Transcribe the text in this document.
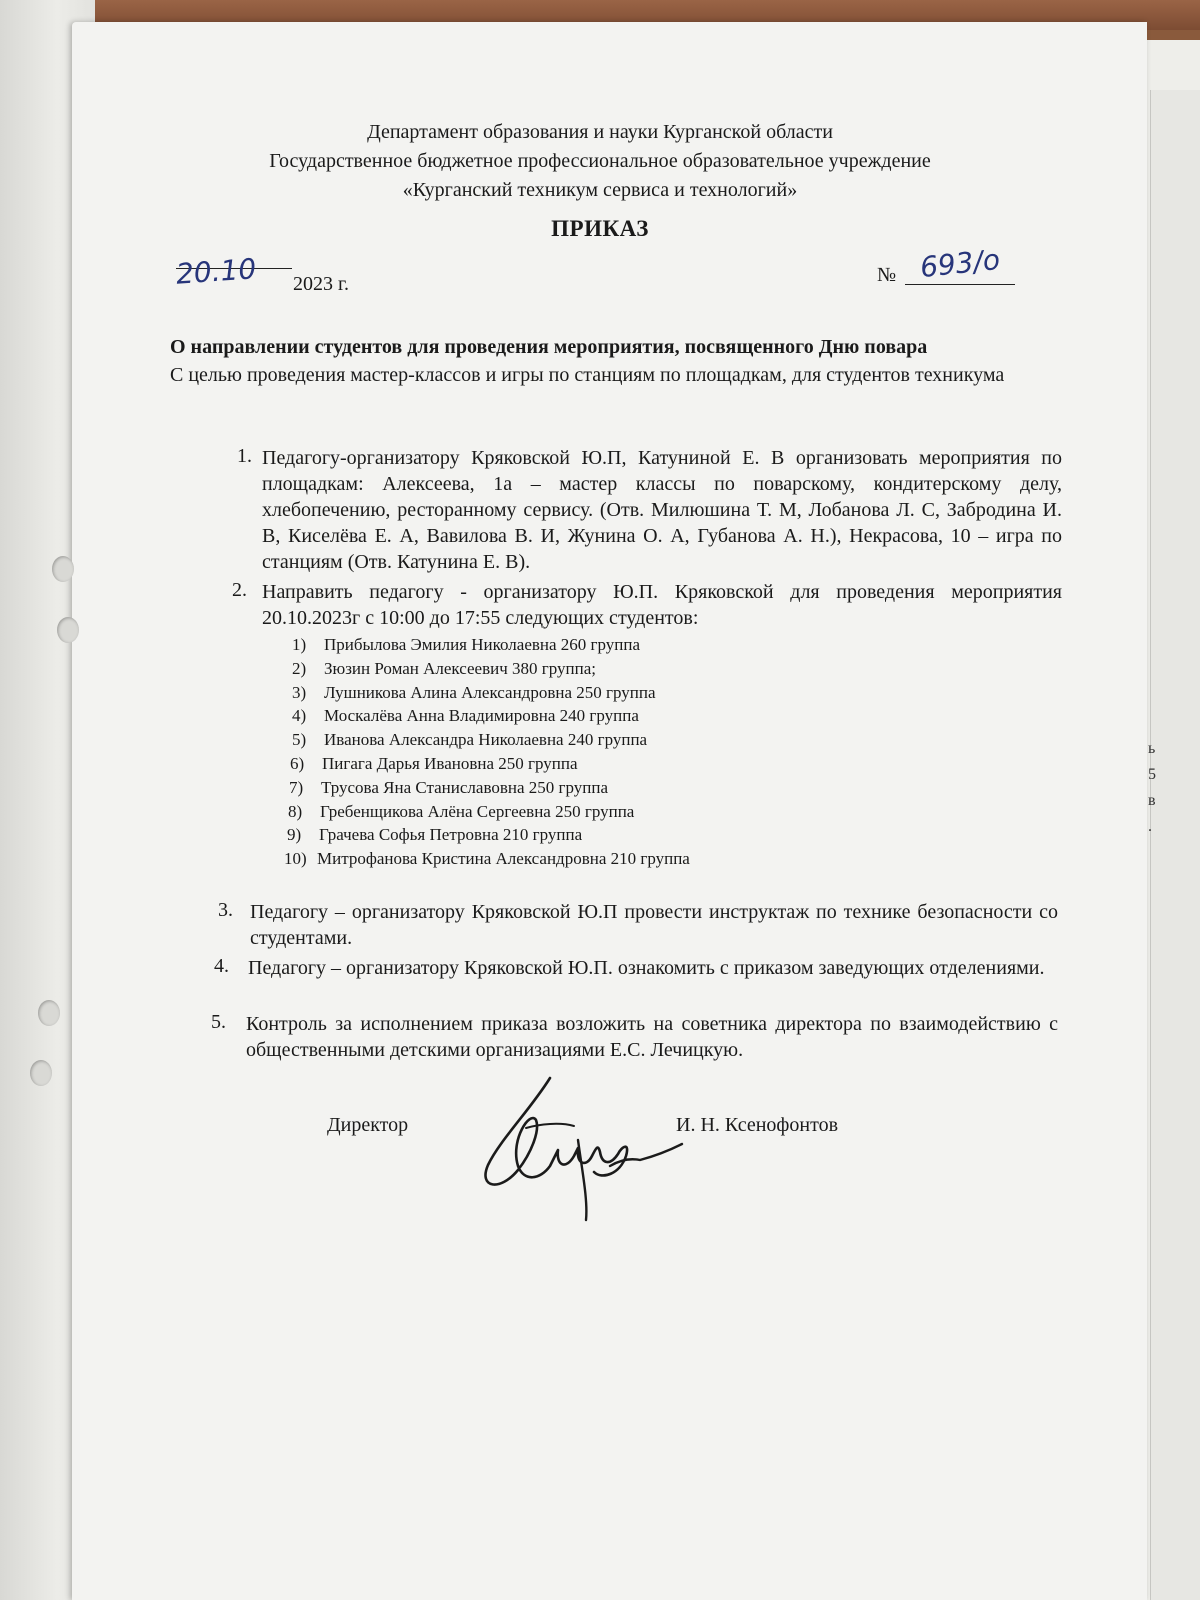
ь
5
в
.
Департамент образования и науки Курганской области
Государственное бюджетное профессиональное образовательное учреждение
«Курганский техникум сервиса и технологий»
ПРИКАЗ
20.10 2023 г.	№ 693/о
О направлении студентов для проведения мероприятия, посвященного Дню повара
С целью проведения мастер-классов и игры по станциям по площадкам, для студентов техникума
1. Педагогу-организатору Кряковской Ю.П, Катуниной Е. В организовать мероприятия по площадкам: Алексеева, 1а – мастер классы по поварскому, кондитерскому делу, хлебопечению, ресторанному сервису. (Отв. Милюшина Т. М, Лобанова Л. С, Забродина И. В, Киселёва Е. А, Вавилова В. И, Жунина О. А, Губанова А. Н.), Некрасова, 10 – игра по станциям (Отв. Катунина Е. В).
2. Направить педагогу - организатору Ю.П. Кряковской для проведения мероприятия 20.10.2023г с 10:00 до 17:55 следующих студентов:
1) Прибылова Эмилия Николаевна 260 группа
2) Зюзин Роман Алексеевич 380 группа;
3) Лушникова Алина Александровна 250 группа
4) Москалёва Анна Владимировна 240 группа
5) Иванова Александра Николаевна 240 группа
6) Пигага Дарья Ивановна 250 группа
7) Трусова Яна Станиславовна 250 группа
8) Гребенщикова Алёна Сергеевна 250 группа
9) Грачева Софья Петровна 210 группа
10) Митрофанова Кристина Александровна 210 группа
3. Педагогу – организатору Кряковской Ю.П провести инструктаж по технике безопасности со студентами.
4. Педагогу – организатору Кряковской Ю.П. ознакомить с приказом заведующих отделениями.
5. Контроль за исполнением приказа возложить на советника директора по взаимодействию с общественными детскими организациями Е.С. Лечицкую.
Директор	И. Н. Ксенофонтов
